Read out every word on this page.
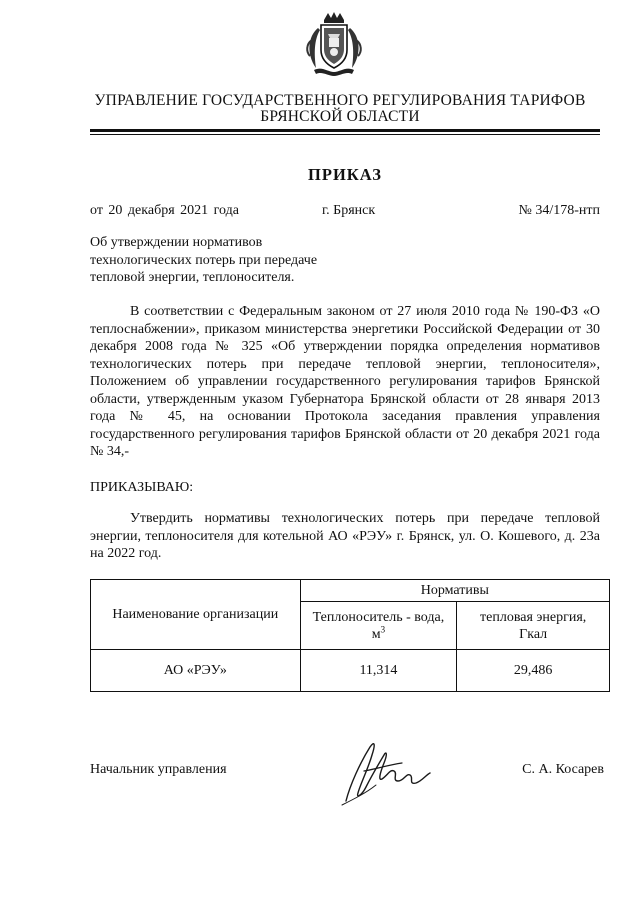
УПРАВЛЕНИЕ ГОСУДАРСТВЕННОГО РЕГУЛИРОВАНИЯ ТАРИФОВ
БРЯНСКОЙ ОБЛАСТИ
ПРИКАЗ
от 20 декабря 2021 года	г. Брянск	№ 34/178-нтп
Об утверждении нормативов
технологических потерь при передаче
тепловой энергии, теплоносителя.

В соответствии с Федеральным законом от 27 июля 2010 года № 190-ФЗ «О теплоснабжении», приказом министерства энергетики Российской Федерации от 30 декабря 2008 года № 325 «Об утверждении порядка определения нормативов технологических потерь при передаче тепловой энергии, теплоносителя», Положением об управлении государственного регулирования тарифов Брянской области, утвержденным указом Губернатора Брянской области от 28 января 2013 года № 45, на основании Протокола заседания правления управления государственного регулирования тарифов Брянской области от 20 декабря 2021 года № 34,-

ПРИКАЗЫВАЮ:

Утвердить нормативы технологических потерь при передаче тепловой энергии, теплоносителя для котельной АО «РЭУ» г. Брянск, ул. О. Кошевого, д. 23а на 2022 год.

Наименование организации	Нормативы	
	Теплоноситель - вода, $м^3$	тепловая энергия,
Гкал
АО «РЭУ»	11,314	29,486
Начальник управления	С. А. Косарев
